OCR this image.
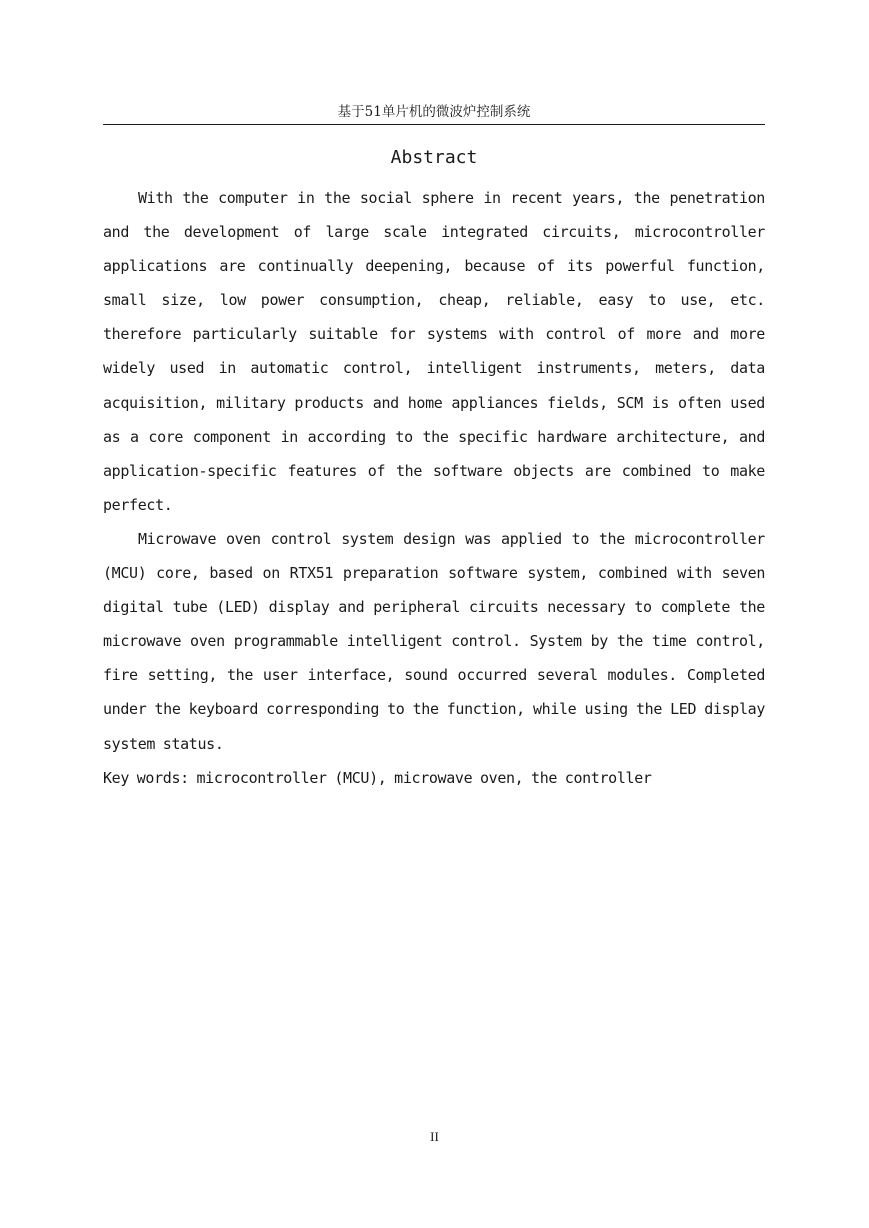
基于51单片机的微波炉控制系统
Abstract

With the computer in the social sphere in recent years, the penetration and the development of large scale integrated circuits, microcontroller applications are continually deepening, because of its powerful function, small size, low power consumption, cheap, reliable, easy to use, etc. therefore particularly suitable for systems with control of more and more widely used in automatic control, intelligent instruments, meters, data acquisition, military products and home appliances fields, SCM is often used as a core component in according to the specific hardware architecture, and application-specific features of the software objects are combined to make perfect.

Microwave oven control system design was applied to the microcontroller (MCU) core, based on RTX51 preparation software system, combined with seven digital tube (LED) display and peripheral circuits necessary to complete the microwave oven programmable intelligent control. System by the time control, fire setting, the user interface, sound occurred several modules. Completed under the keyboard corresponding to the function, while using the LED display system status.

Key words: microcontroller (MCU), microwave oven, the controller

II
